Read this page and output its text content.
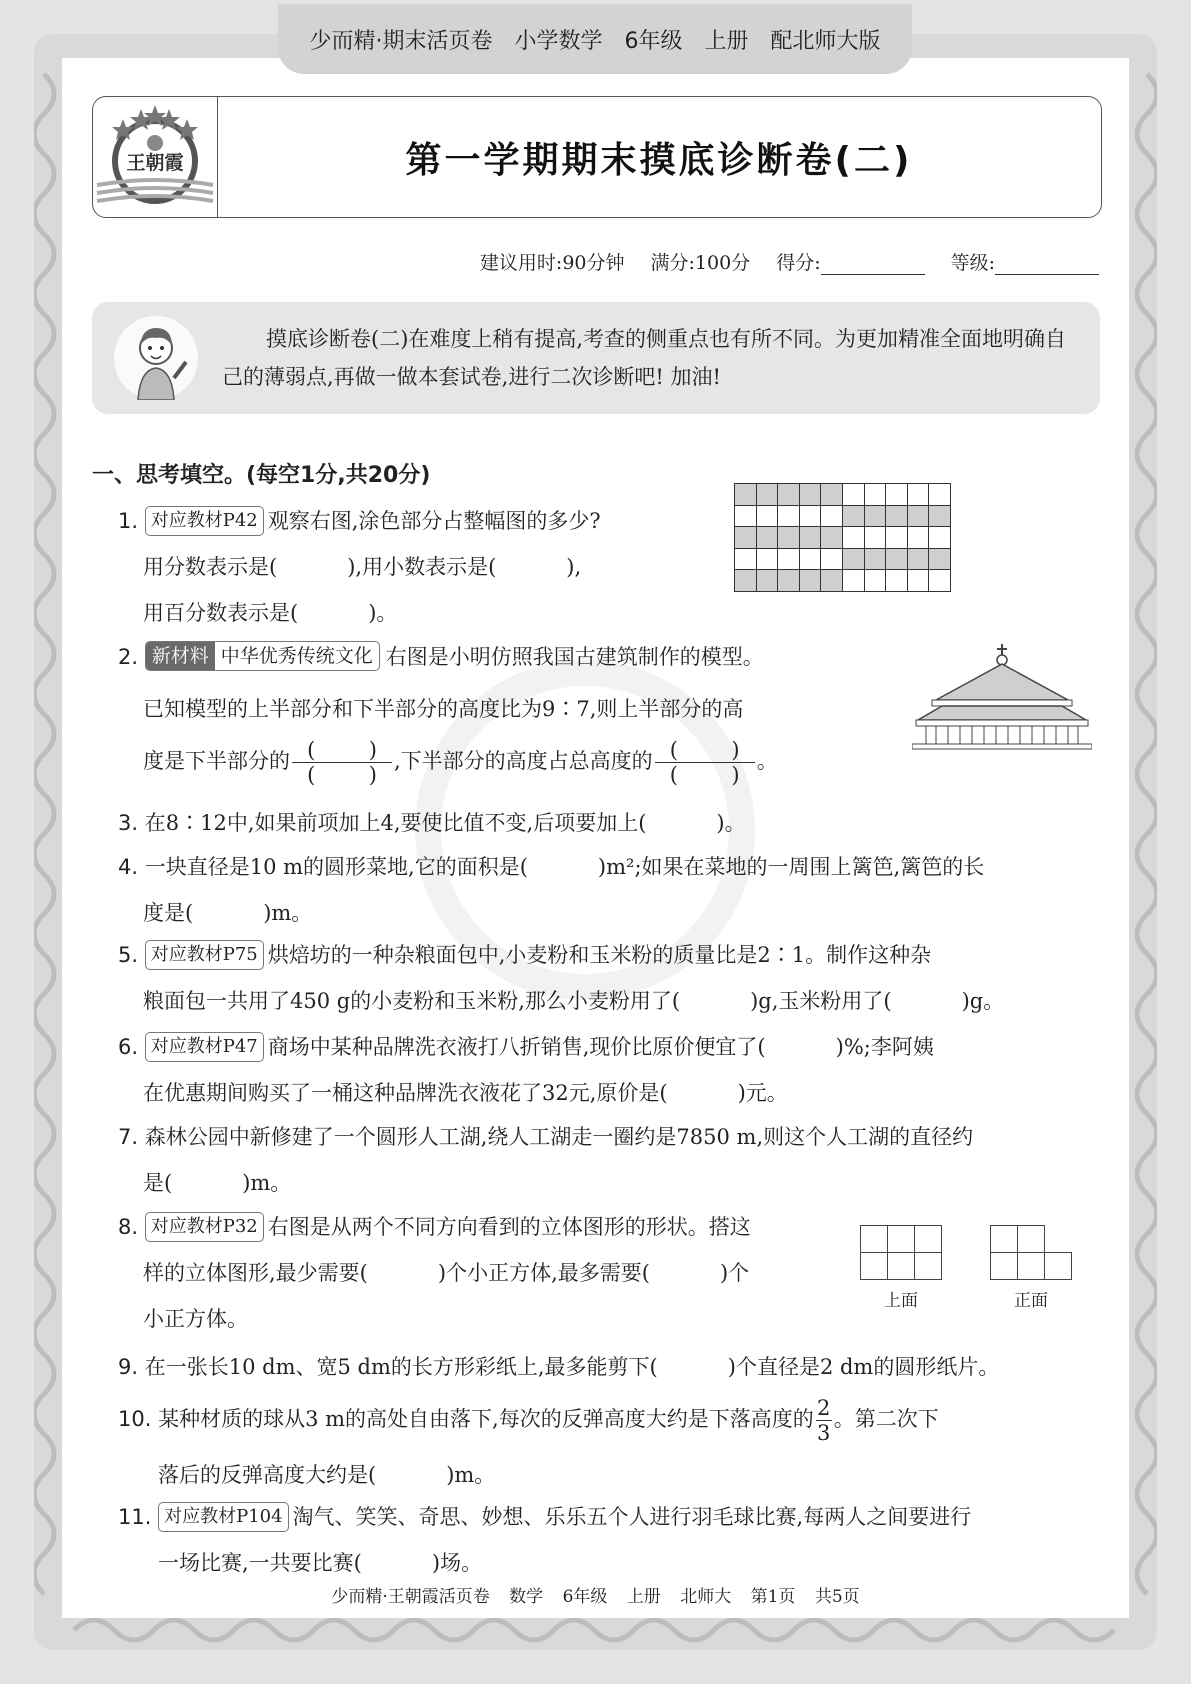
少而精·期末活页卷 小学数学 6年级 上册 配北师大版
王朝霞	第一学期期末摸底诊断卷(二)
建议用时:90分钟 满分:100分 得分:	等级:

摸底诊断卷(二)在难度上稍有提高,考查的侧重点也有所不同。为更加精准全面地明确自己的薄弱点,再做一做本套试卷,进行二次诊断吧! 加油!

一、思考填空。(每空1分,共20分)
1. 对应教材P42 观察右图,涂色部分占整幅图的多少?
用分数表示是(	),用小数表示是(	),
用百分数表示是(	)。

2. 新材料 中华优秀传统文化 右图是小明仿照我国古建筑制作的模型。
已知模型的上半部分和下半部分的高度比为9∶7,则上半部分的高
度是下半部分的 $\frac{( )}{( )}$ ,下半部分的高度占总高度的 $\frac{( )}{( )}$ 。
3. 在8∶12中,如果前项加上4,要使比值不变,后项要加上(	)。
4. 一块直径是10 m的圆形菜地,它的面积是(	)m²;如果在菜地的一周围上篱笆,篱笆的长
度是(	)m。
5. 对应教材P75 烘焙坊的一种杂粮面包中,小麦粉和玉米粉的质量比是2∶1。制作这种杂
粮面包一共用了450 g的小麦粉和玉米粉,那么小麦粉用了(	)g,玉米粉用了(	)g。
6. 对应教材P47 商场中某种品牌洗衣液打八折销售,现价比原价便宜了(	)%;李阿姨
在优惠期间购买了一桶这种品牌洗衣液花了32元,原价是(	)元。
7. 森林公园中新修建了一个圆形人工湖,绕人工湖走一圈约是7850 m,则这个人工湖的直径约
是(	)m。
8. 对应教材P32 右图是从两个不同方向看到的立体图形的形状。搭这
样的立体图形,最少需要(	)个小正方体,最多需要(	)个
小正方体。

上面

			正面
9. 在一张长10 dm、宽5 dm的长方形彩纸上,最多能剪下(	)个直径是2 dm的圆形纸片。
10. 某种材质的球从3 m的高处自由落下,每次的反弹高度大约是下落高度的 $\frac{2}{3}$ 。第二次下
落后的反弹高度大约是(	)m。
11. 对应教材P104 淘气、笑笑、奇思、妙想、乐乐五个人进行羽毛球比赛,每两人之间要进行
一场比赛,一共要比赛(	)场。
少而精·王朝霞活页卷 数学 6年级 上册 北师大 第1页 共5页
